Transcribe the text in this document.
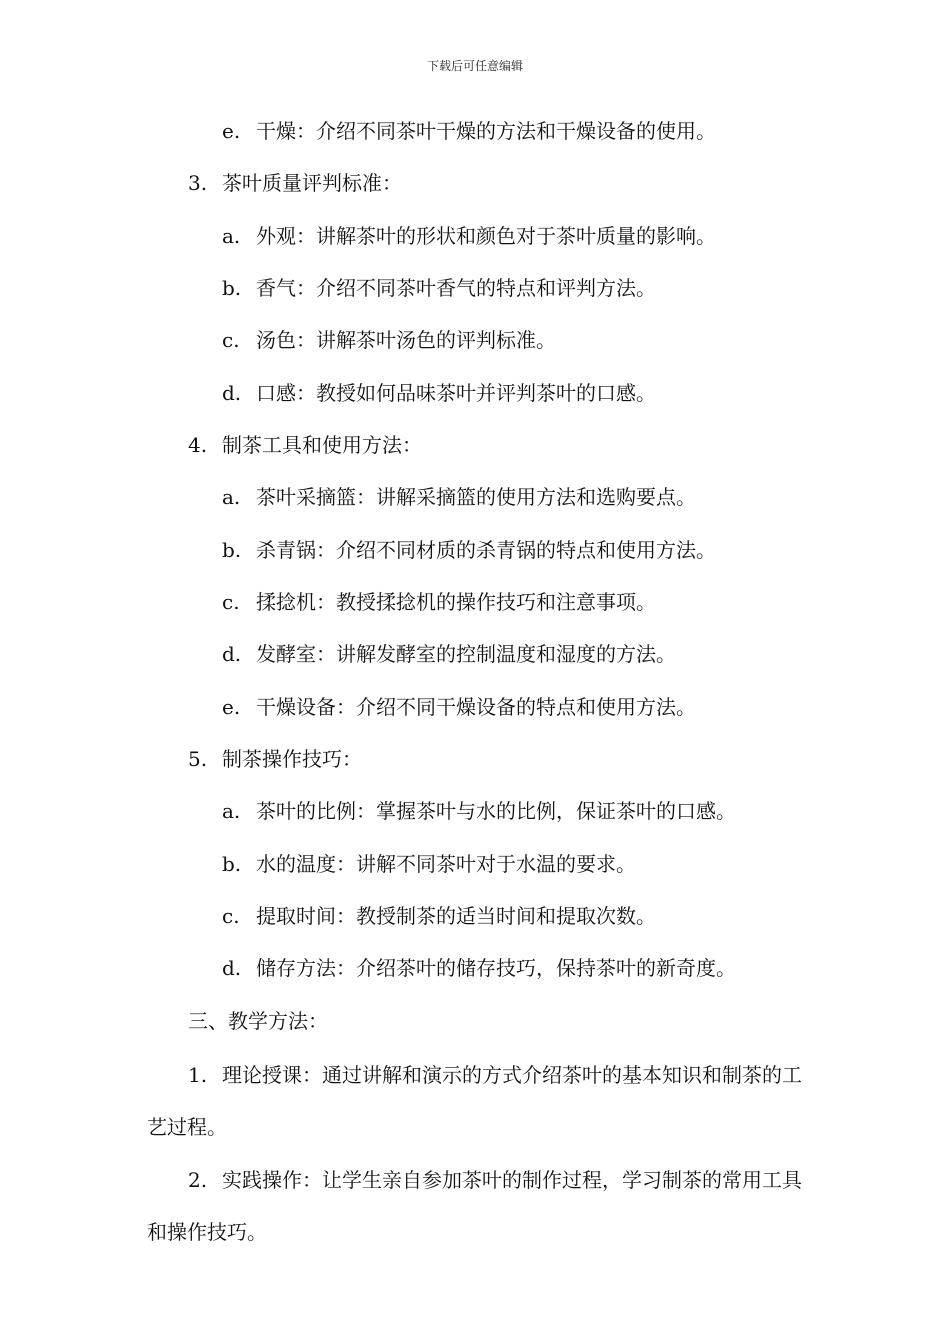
下载后可任意编辑
e. 干燥：介绍不同茶叶干燥的方法和干燥设备的使用。
3. 茶叶质量评判标准：
a. 外观：讲解茶叶的形状和颜色对于茶叶质量的影响。
b. 香气：介绍不同茶叶香气的特点和评判方法。
c. 汤色：讲解茶叶汤色的评判标准。
d. 口感：教授如何品味茶叶并评判茶叶的口感。
4. 制茶工具和使用方法：
a. 茶叶采摘篮：讲解采摘篮的使用方法和选购要点。
b. 杀青锅：介绍不同材质的杀青锅的特点和使用方法。
c. 揉捻机：教授揉捻机的操作技巧和注意事项。
d. 发酵室：讲解发酵室的控制温度和湿度的方法。
e. 干燥设备：介绍不同干燥设备的特点和使用方法。
5. 制茶操作技巧：
a. 茶叶的比例：掌握茶叶与水的比例，保证茶叶的口感。
b. 水的温度：讲解不同茶叶对于水温的要求。
c. 提取时间：教授制茶的适当时间和提取次数。
d. 储存方法：介绍茶叶的储存技巧，保持茶叶的新奇度。
三、教学方法：
1. 理论授课：通过讲解和演示的方式介绍茶叶的基本知识和制茶的工艺过程。
2. 实践操作：让学生亲自参加茶叶的制作过程，学习制茶的常用工具和操作技巧。
